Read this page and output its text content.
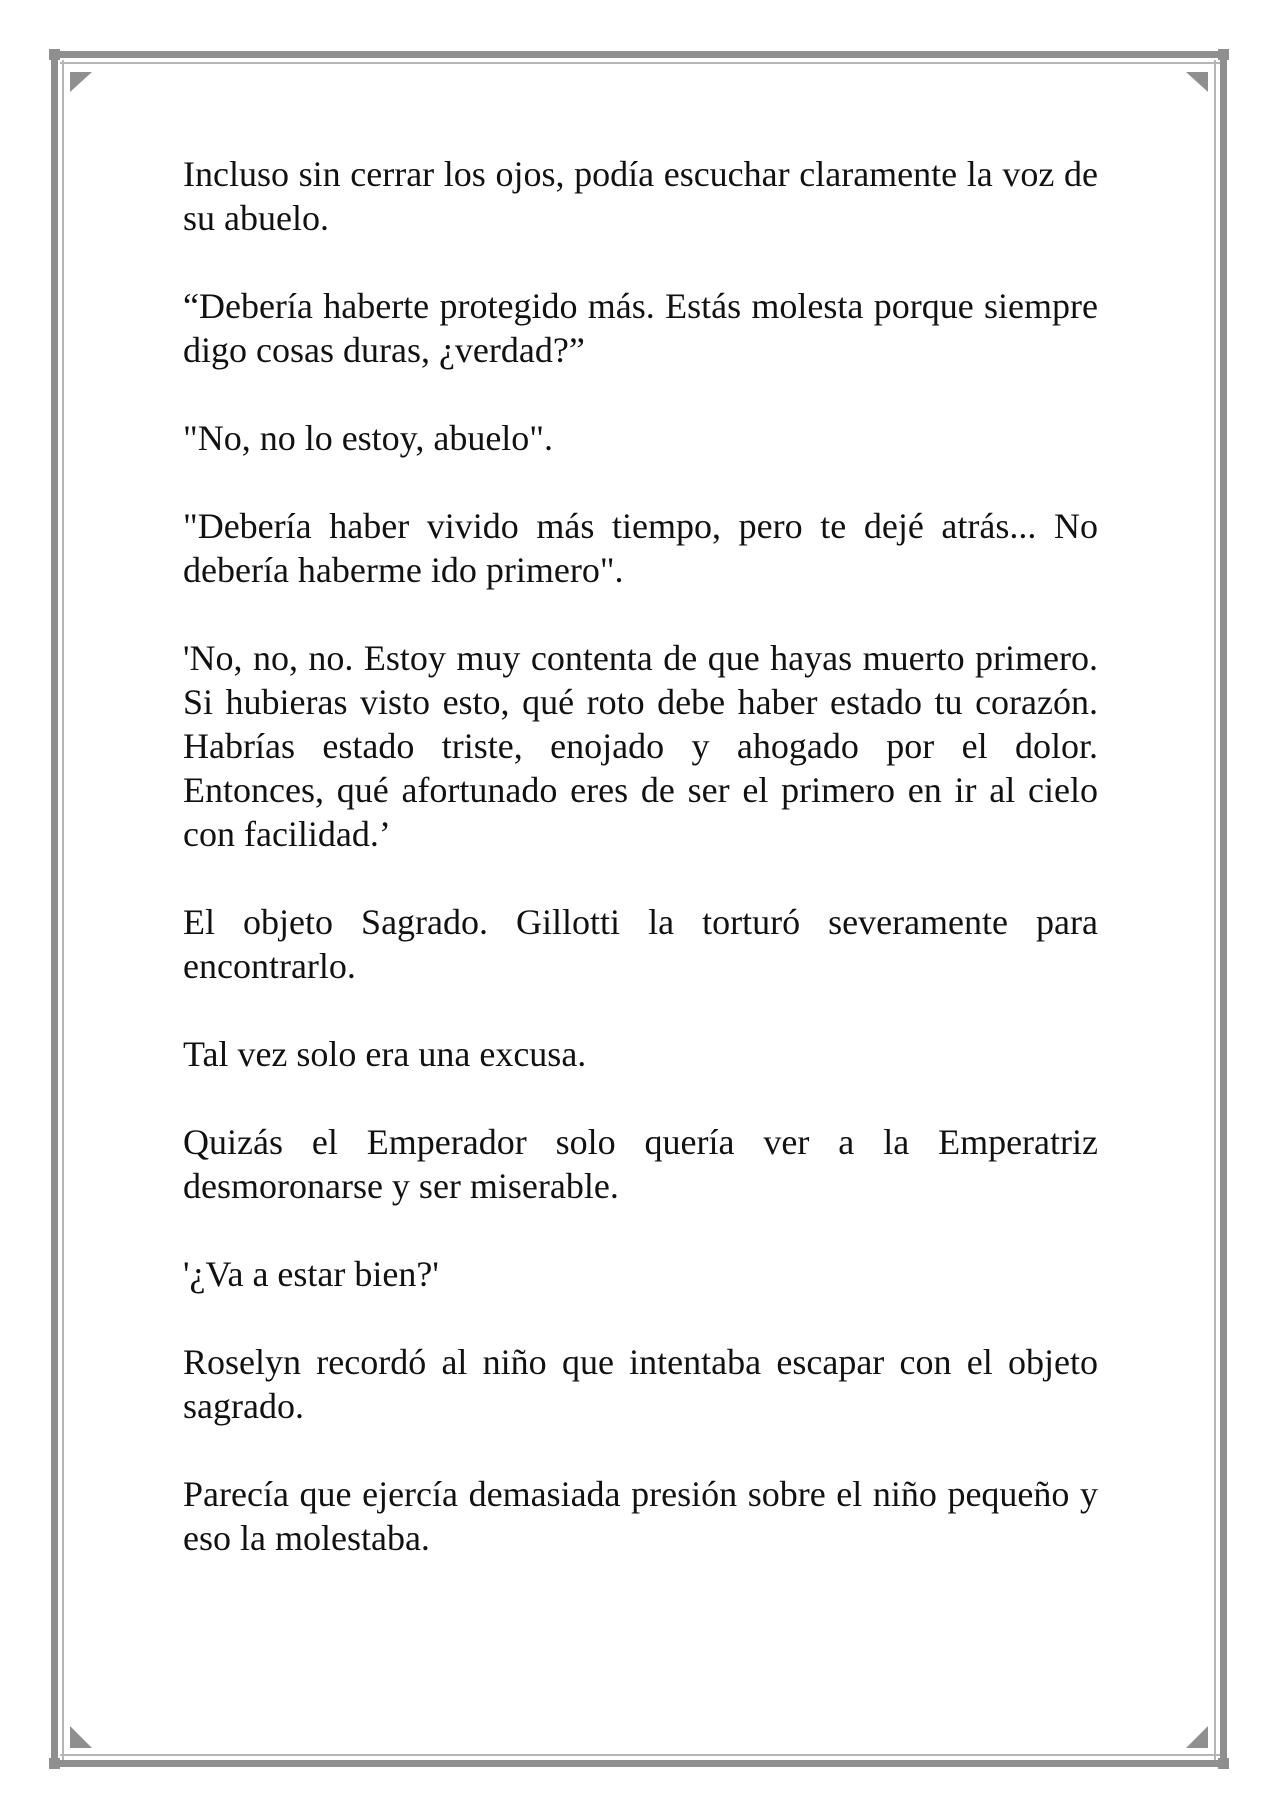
Incluso sin cerrar los ojos, podía escuchar claramente la voz de su abuelo.

“Debería haberte protegido más. Estás molesta porque siempre digo cosas duras, ¿verdad?”

"No, no lo estoy, abuelo".

"Debería haber vivido más tiempo, pero te dejé atrás... No debería haberme ido primero".

'No, no, no. Estoy muy contenta de que hayas muerto primero. Si hubieras visto esto, qué roto debe haber estado tu corazón. Habrías estado triste, enojado y ahogado por el dolor. Entonces, qué afortunado eres de ser el primero en ir al cielo con facilidad.’

El objeto Sagrado. Gillotti la torturó severamente para encontrarlo.

Tal vez solo era una excusa.

Quizás el Emperador solo quería ver a la Emperatriz desmoronarse y ser miserable.

'¿Va a estar bien?'

Roselyn recordó al niño que intentaba escapar con el objeto sagrado.

Parecía que ejercía demasiada presión sobre el niño pequeño y eso la molestaba.
